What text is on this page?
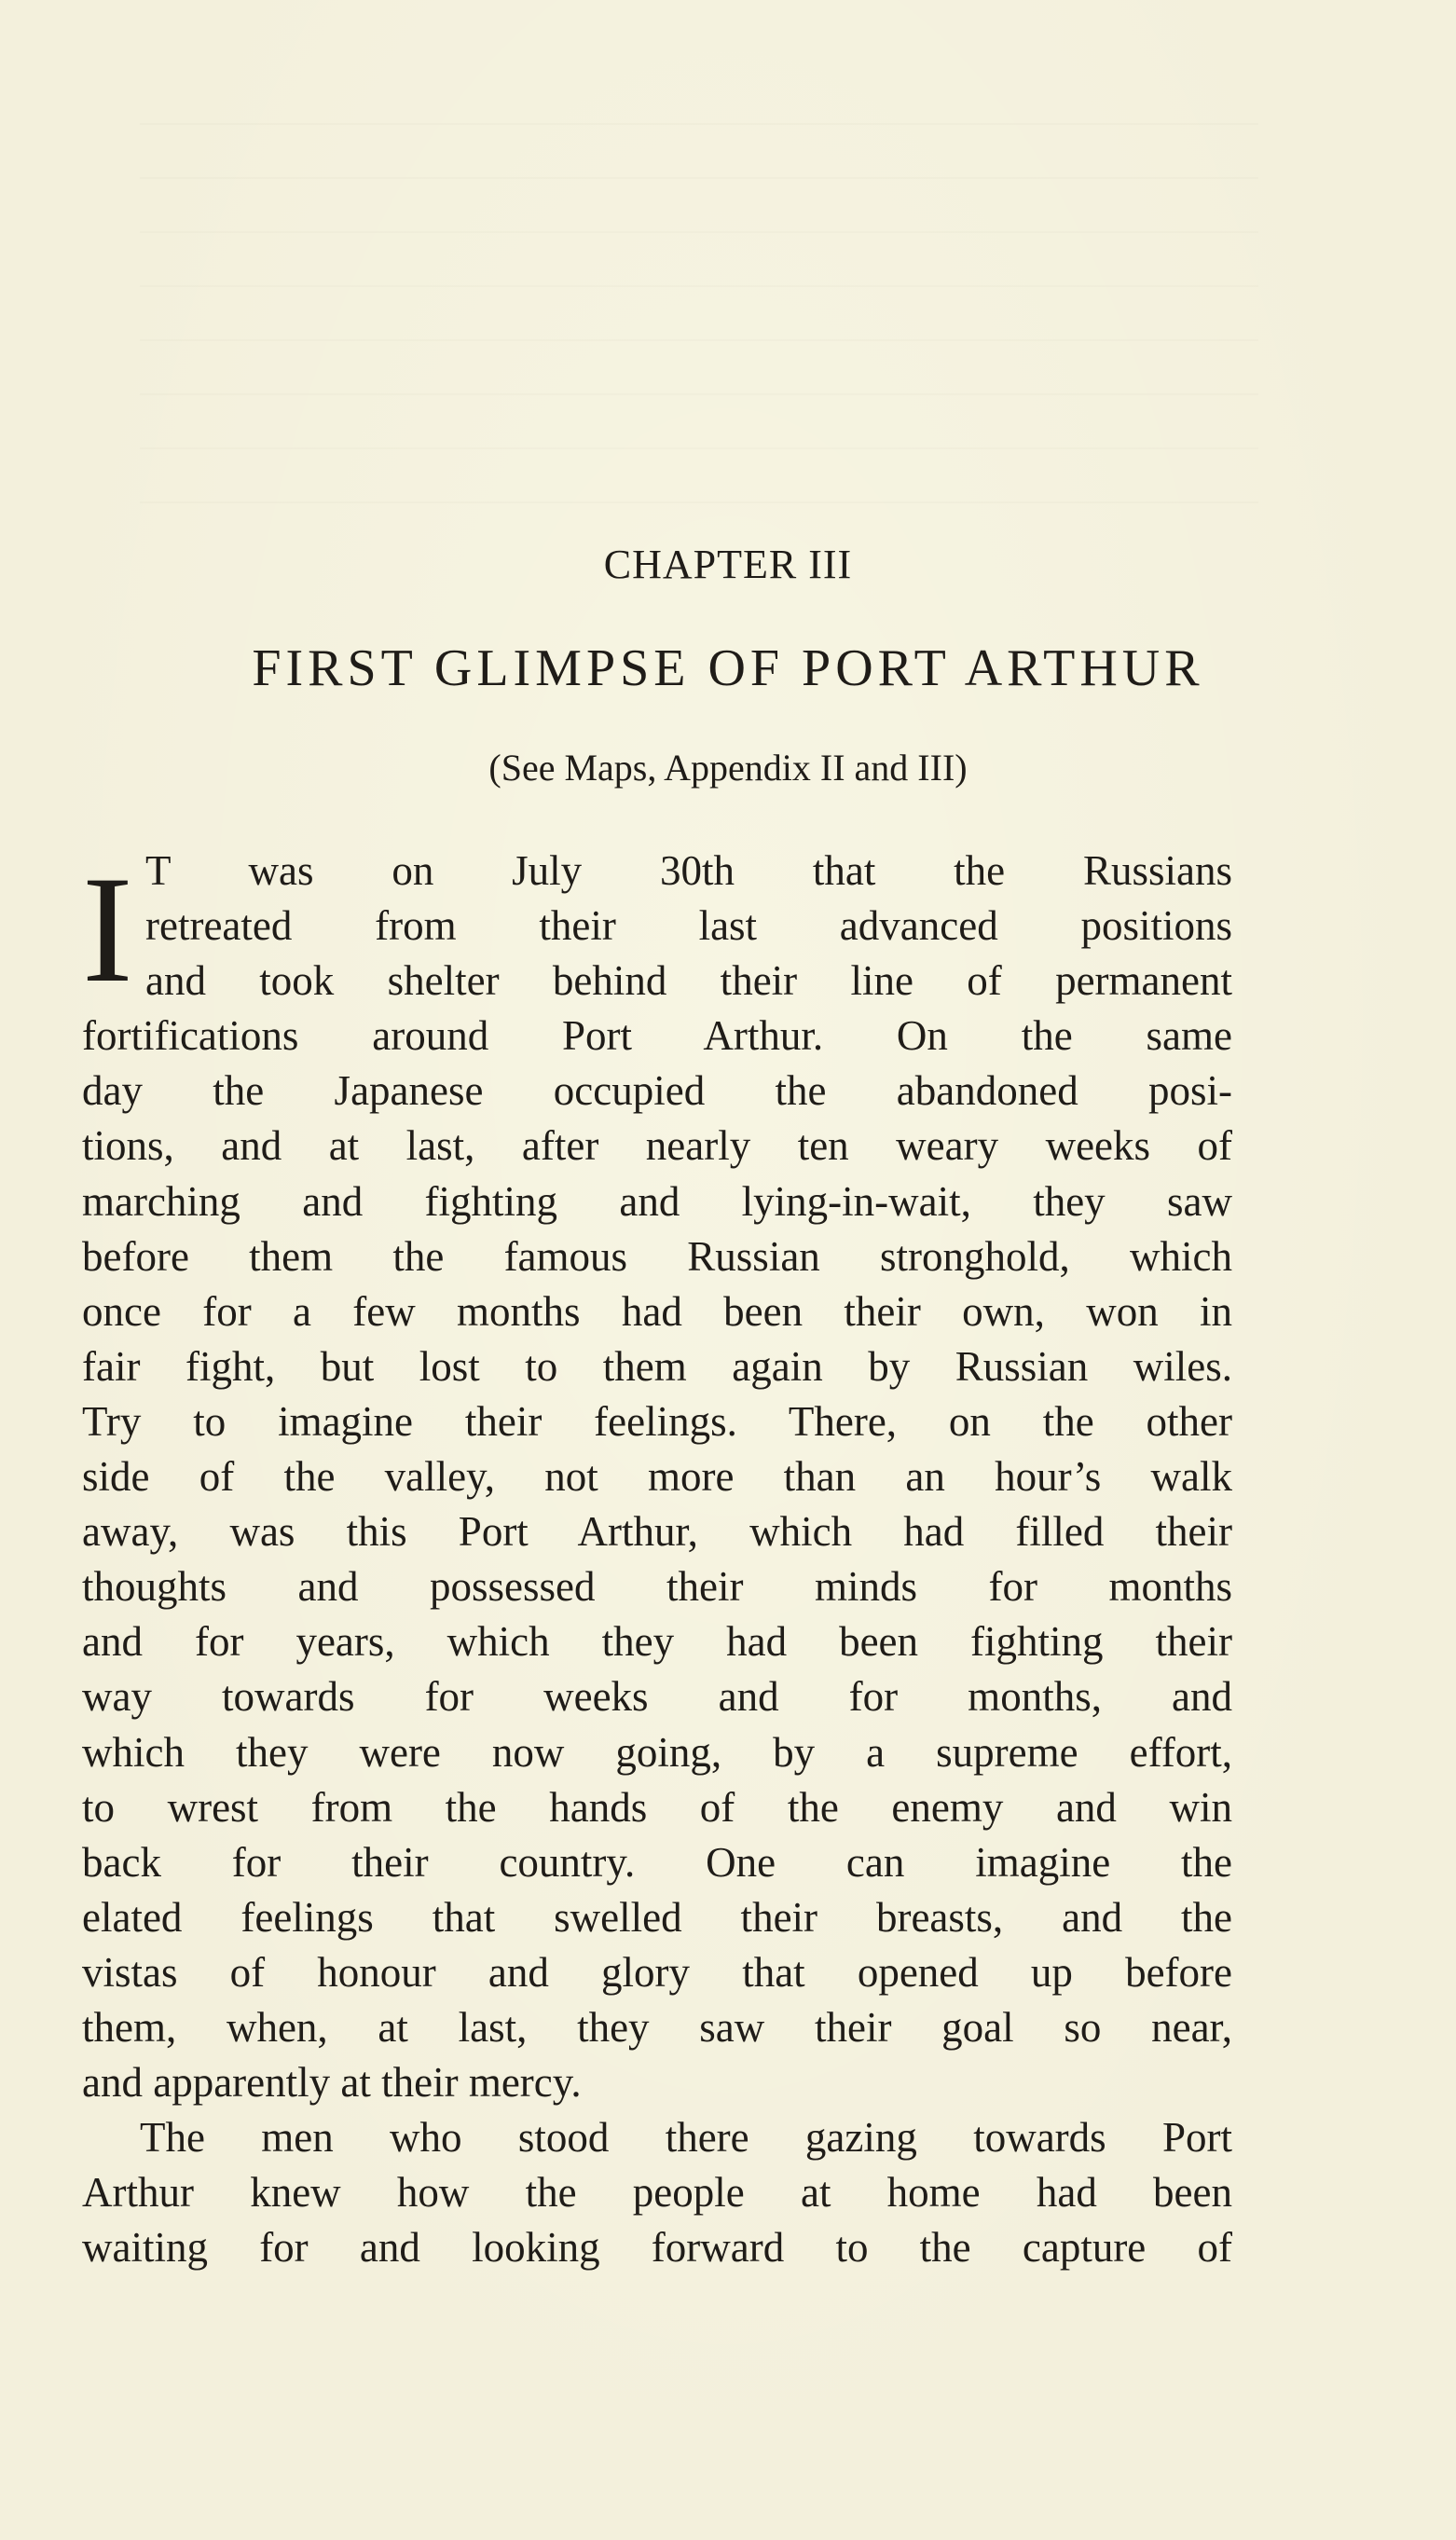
CHAPTER III
FIRST GLIMPSE OF PORT ARTHUR
(See Maps, Appendix II and III)
I T was on July 30th that the Russians
retreated from their last advanced positions
and took shelter behind their line of permanent
fortifications around Port Arthur. On the same
day the Japanese occupied the abandoned posi-
tions, and at last, after nearly ten weary weeks of
marching and fighting and lying-in-wait, they saw
before them the famous Russian stronghold, which
once for a few months had been their own, won in
fair fight, but lost to them again by Russian wiles.
Try to imagine their feelings. There, on the other
side of the valley, not more than an hour’s walk
away, was this Port Arthur, which had filled their
thoughts and possessed their minds for months
and for years, which they had been fighting their
way towards for weeks and for months, and
which they were now going, by a supreme effort,
to wrest from the hands of the enemy and win
back for their country. One can imagine the
elated feelings that swelled their breasts, and the
vistas of honour and glory that opened up before
them, when, at last, they saw their goal so near,
and apparently at their mercy.
The men who stood there gazing towards Port
Arthur knew how the people at home had been
waiting for and looking forward to the capture of
